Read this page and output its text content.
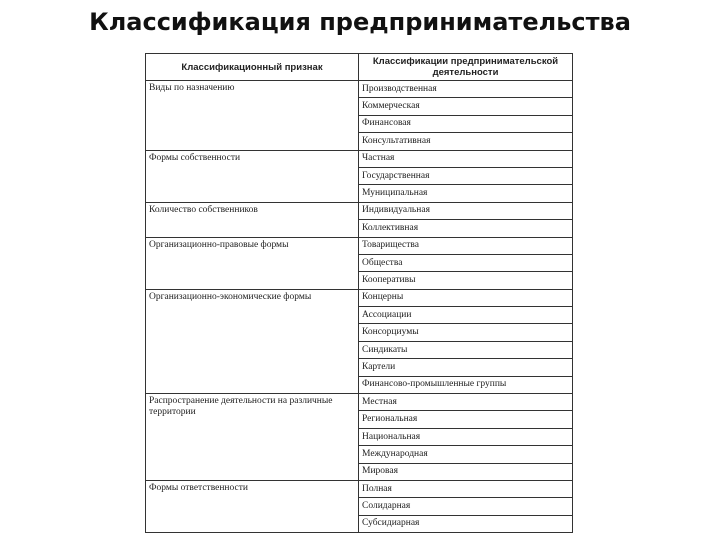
Классификация предпринимательства
Классификационный признак	Классификации предпринимательской деятельности
Виды по назначению	Производственная
	Коммерческая
	Финансовая
	Консультативная
Формы собственности	Частная
	Государственная
	Муниципальная
Количество собственников	Индивидуальная
	Коллективная
Организационно-правовые формы	Товарищества
	Общества
	Кооперативы
Организационно-экономические формы	Концерны
	Ассоциации
	Консорциумы
	Синдикаты
	Картели
	Финансово-промышленные группы
Распространение деятельности на различные территории	Местная
	Региональная
	Национальная
	Международная
	Мировая
Формы ответственности	Полная
	Солидарная
	Субсидиарная
